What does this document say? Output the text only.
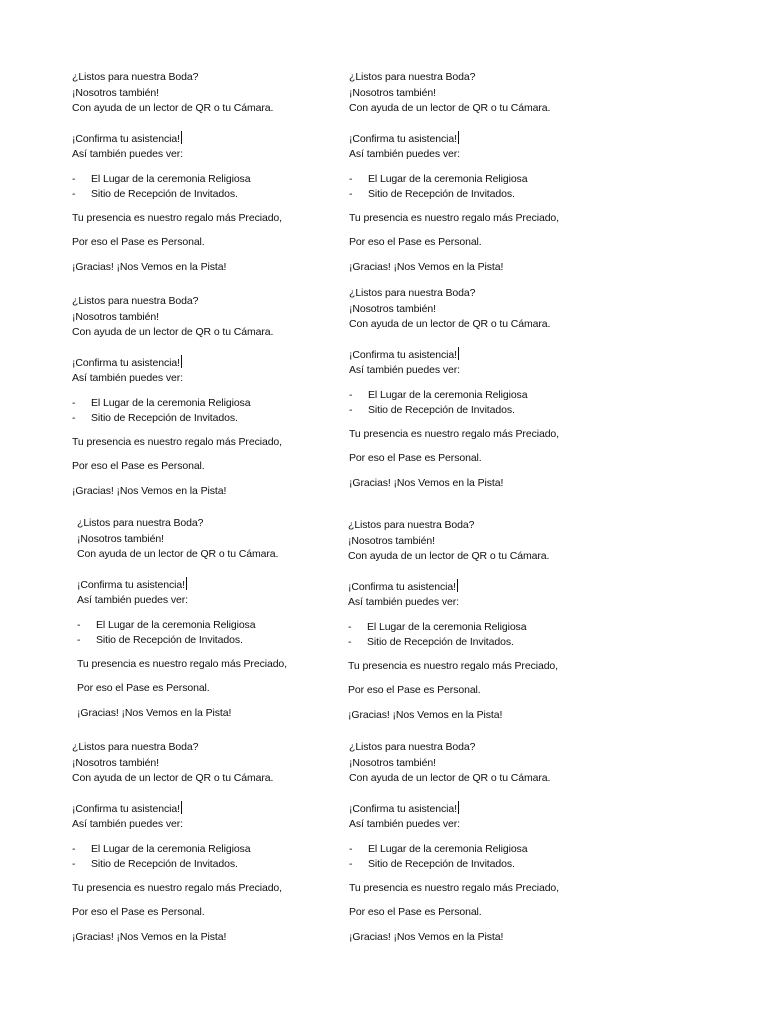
¿Listos para nuestra Boda?

¡Nosotros también!

Con ayuda de un lector de QR o tu Cámara.

¡Confirma tu asistencia!

Así también puedes ver:

- El Lugar de la ceremonia Religiosa
- Sitio de Recepción de Invitados.

Tu presencia es nuestro regalo más Preciado,

Por eso el Pase es Personal.

¡Gracias! ¡Nos Vemos en la Pista!

¿Listos para nuestra Boda?

¡Nosotros también!

Con ayuda de un lector de QR o tu Cámara.

¡Confirma tu asistencia!

Así también puedes ver:

- El Lugar de la ceremonia Religiosa
- Sitio de Recepción de Invitados.

Tu presencia es nuestro regalo más Preciado,

Por eso el Pase es Personal.

¡Gracias! ¡Nos Vemos en la Pista!

¿Listos para nuestra Boda?

¡Nosotros también!

Con ayuda de un lector de QR o tu Cámara.

¡Confirma tu asistencia!

Así también puedes ver:

- El Lugar de la ceremonia Religiosa
- Sitio de Recepción de Invitados.

Tu presencia es nuestro regalo más Preciado,

Por eso el Pase es Personal.

¡Gracias! ¡Nos Vemos en la Pista!

¿Listos para nuestra Boda?

¡Nosotros también!

Con ayuda de un lector de QR o tu Cámara.

¡Confirma tu asistencia!

Así también puedes ver:

- El Lugar de la ceremonia Religiosa
- Sitio de Recepción de Invitados.

Tu presencia es nuestro regalo más Preciado,

Por eso el Pase es Personal.

¡Gracias! ¡Nos Vemos en la Pista!

¿Listos para nuestra Boda?

¡Nosotros también!

Con ayuda de un lector de QR o tu Cámara.

¡Confirma tu asistencia!

Así también puedes ver:

- El Lugar de la ceremonia Religiosa
- Sitio de Recepción de Invitados.

Tu presencia es nuestro regalo más Preciado,

Por eso el Pase es Personal.

¡Gracias! ¡Nos Vemos en la Pista!

¿Listos para nuestra Boda?

¡Nosotros también!

Con ayuda de un lector de QR o tu Cámara.

¡Confirma tu asistencia!

Así también puedes ver:

- El Lugar de la ceremonia Religiosa
- Sitio de Recepción de Invitados.

Tu presencia es nuestro regalo más Preciado,

Por eso el Pase es Personal.

¡Gracias! ¡Nos Vemos en la Pista!

¿Listos para nuestra Boda?

¡Nosotros también!

Con ayuda de un lector de QR o tu Cámara.

¡Confirma tu asistencia!

Así también puedes ver:

- El Lugar de la ceremonia Religiosa
- Sitio de Recepción de Invitados.

Tu presencia es nuestro regalo más Preciado,

Por eso el Pase es Personal.

¡Gracias! ¡Nos Vemos en la Pista!

¿Listos para nuestra Boda?

¡Nosotros también!

Con ayuda de un lector de QR o tu Cámara.

¡Confirma tu asistencia!

Así también puedes ver:

- El Lugar de la ceremonia Religiosa
- Sitio de Recepción de Invitados.

Tu presencia es nuestro regalo más Preciado,

Por eso el Pase es Personal.

¡Gracias! ¡Nos Vemos en la Pista!
